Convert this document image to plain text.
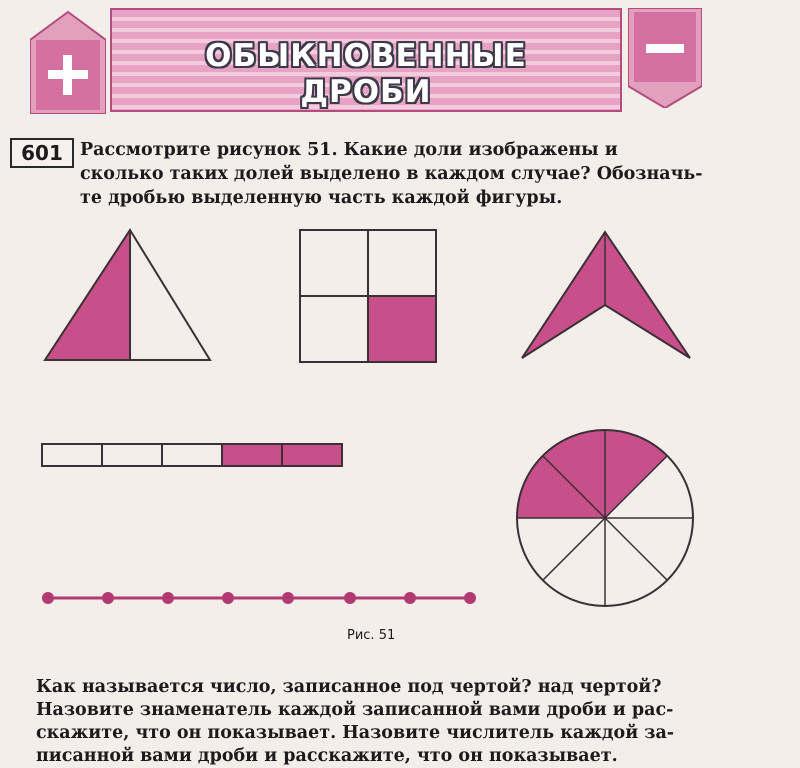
ОБЫКНОВЕННЫЕ
ДРОБИ
601 Рассмотрите рисунок 51. Какие доли изображены и
сколько таких долей выделено в каждом случае? Обозначь-
те дробью выделенную часть каждой фигуры.
Рис. 51
Как называется число, записанное под чертой? над чертой?
Назовите знаменатель каждой записанной вами дроби и рас-
скажите, что он показывает. Назовите числитель каждой за-
писанной вами дроби и расскажите, что он показывает.
